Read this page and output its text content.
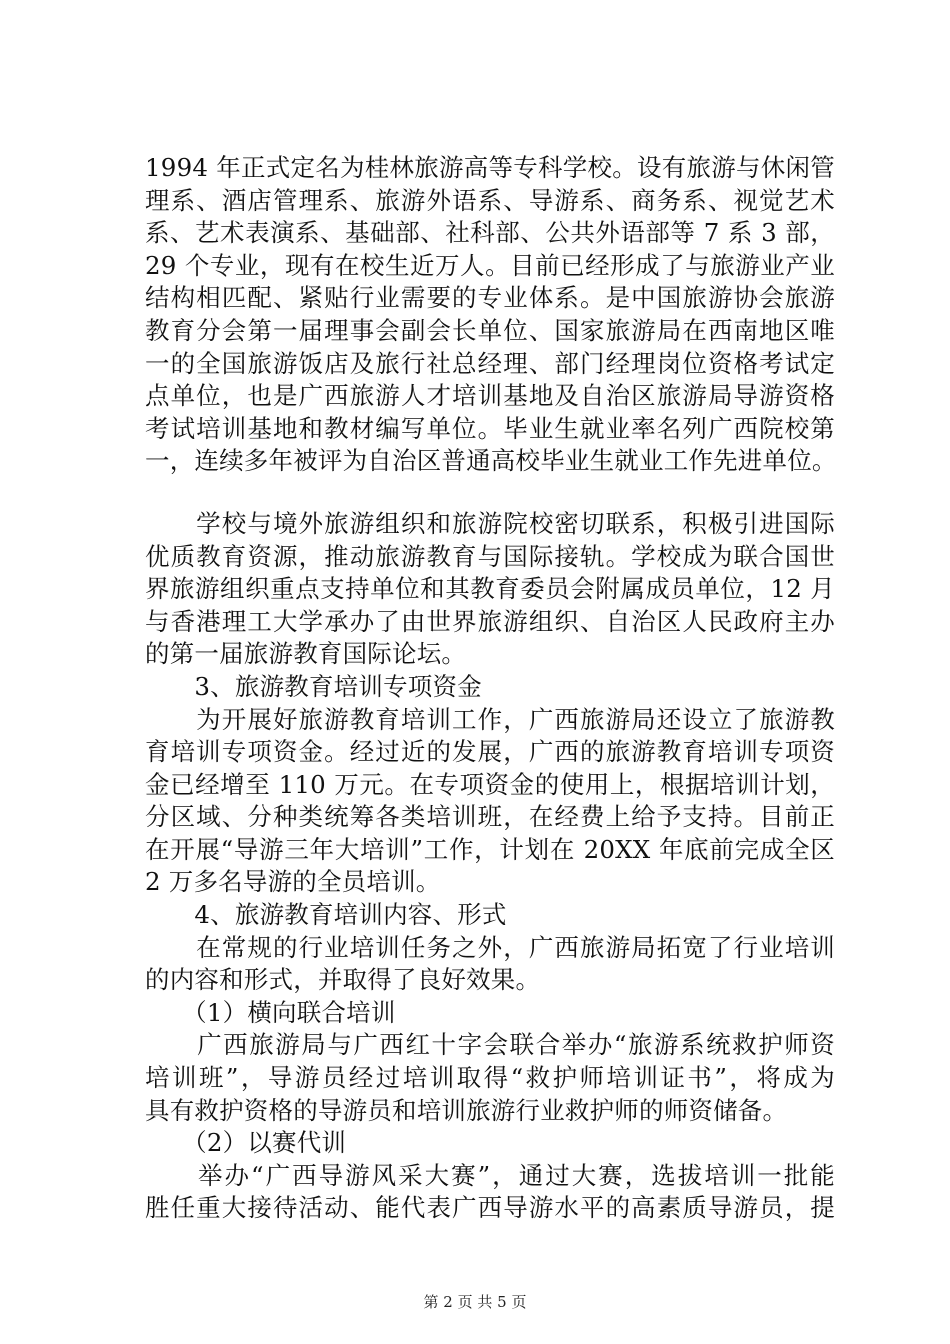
1994 年正式定名为桂林旅游高等专科学校。设有旅游与休闲管
理系、酒店管理系、旅游外语系、导游系、商务系、视觉艺术
系、艺术表演系、基础部、社科部、公共外语部等 7 系 3 部，
29 个专业，现有在校生近万人。目前已经形成了与旅游业产业
结构相匹配、紧贴行业需要的专业体系。是中国旅游协会旅游
教育分会第一届理事会副会长单位、国家旅游局在西南地区唯
一的全国旅游饭店及旅行社总经理、部门经理岗位资格考试定
点单位，也是广西旅游人才培训基地及自治区旅游局导游资格
考试培训基地和教材编写单位。毕业生就业率名列广西院校第
一，连续多年被评为自治区普通高校毕业生就业工作先进单位。
　　学校与境外旅游组织和旅游院校密切联系，积极引进国际
优质教育资源，推动旅游教育与国际接轨。学校成为联合国世
界旅游组织重点支持单位和其教育委员会附属成员单位，12 月
与香港理工大学承办了由世界旅游组织、自治区人民政府主办
的第一届旅游教育国际论坛。
　　3、旅游教育培训专项资金
　　为开展好旅游教育培训工作，广西旅游局还设立了旅游教
育培训专项资金。经过近的发展，广西的旅游教育培训专项资
金已经增至 110 万元。在专项资金的使用上，根据培训计划，
分区域、分种类统筹各类培训班，在经费上给予支持。目前正
在开展“导游三年大培训”工作，计划在 20XX 年底前完成全区
2 万多名导游的全员培训。
　　4、旅游教育培训内容、形式
　　在常规的行业培训任务之外，广西旅游局拓宽了行业培训
的内容和形式，并取得了良好效果。
　　（1）横向联合培训
　　广西旅游局与广西红十字会联合举办“旅游系统救护师资
培训班”，导游员经过培训取得“救护师培训证书”，将成为
具有救护资格的导游员和培训旅游行业救护师的师资储备。
　　（2）以赛代训
　　举办“广西导游风采大赛”，通过大赛，选拔培训一批能
胜任重大接待活动、能代表广西导游水平的高素质导游员，提
第 2 页 共 5 页
